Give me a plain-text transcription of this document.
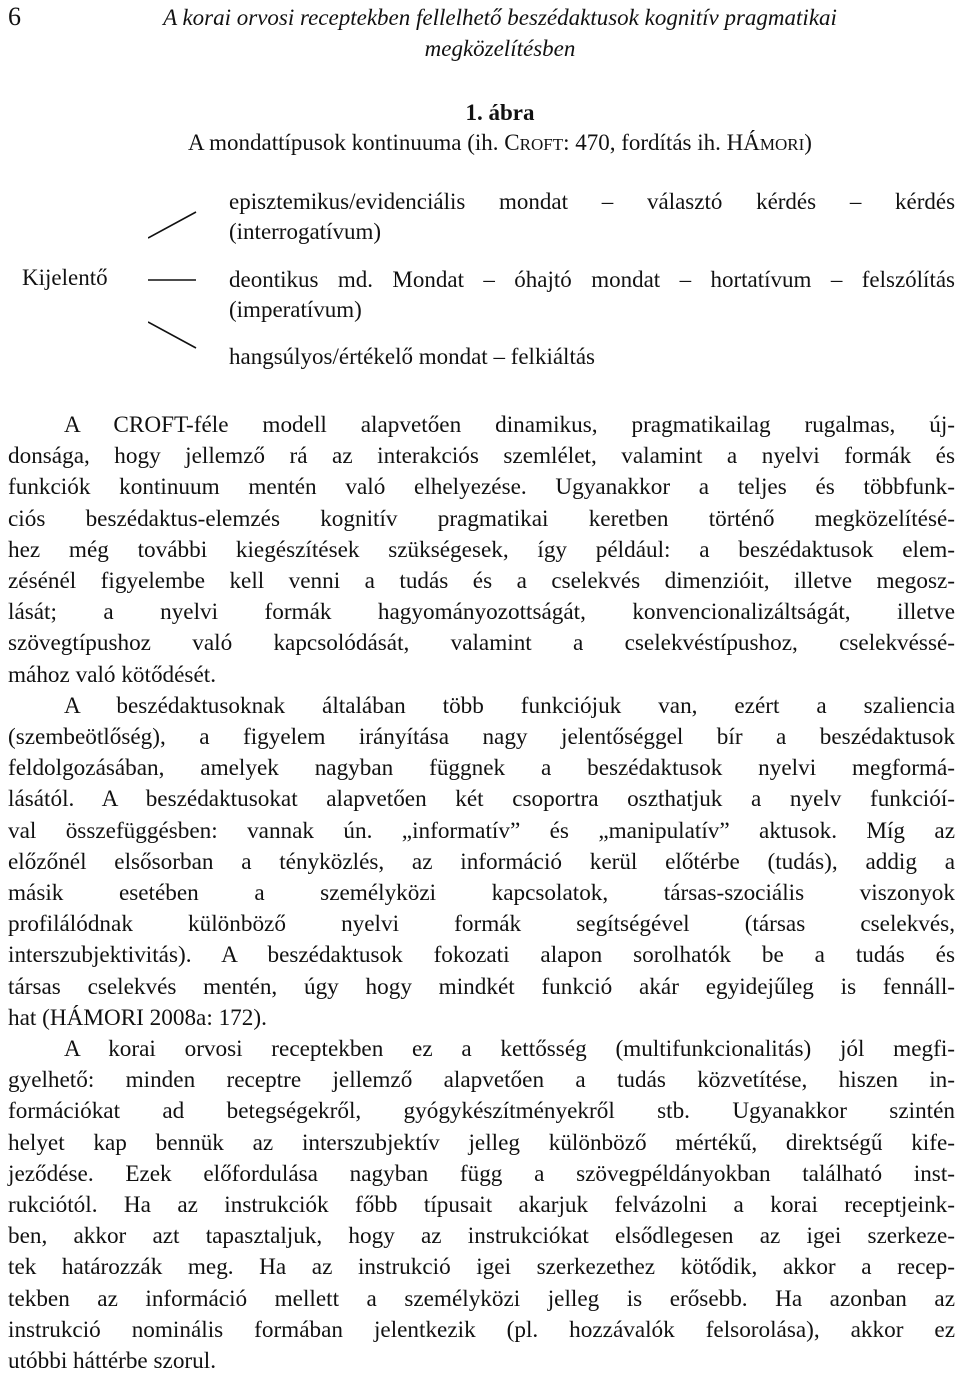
6	A korai orvosi receptekben fellelhető beszédaktusok kognitív pragmatikai
megközelítésben
1. ábra
A mondattípusok kontinuuma (ih. CROFT: 470, fordítás ih. HÁMORI)
Kijelentő
episztemikus/evidenciális mondat – választó kérdés – kérdés
(interrogatívum)
deontikus md. Mondat – óhajtó mondat – hortatívum – felszólítás
(imperatívum)
hangsúlyos/értékelő mondat – felkiáltás

A CROFT-féle modell alapvetően dinamikus, pragmatikailag rugalmas, új-
donsága, hogy jellemző rá az interakciós szemlélet, valamint a nyelvi formák és
funkciók kontinuum mentén való elhelyezése. Ugyanakkor a teljes és többfunk-
ciós beszédaktus-elemzés kognitív pragmatikai keretben történő megközelítésé-
hez még további kiegészítések szükségesek, így például: a beszédaktusok elem-
zésénél figyelembe kell venni a tudás és a cselekvés dimenzióit, illetve megosz-
lását; a nyelvi formák hagyományozottságát, konvencionalizáltságát, illetve
szövegtípushoz való kapcsolódását, valamint a cselekvéstípushoz, cselekvéssé-
mához való kötődését.

A beszédaktusoknak általában több funkciójuk van, ezért a szaliencia
(szembeötlőség), a figyelem irányítása nagy jelentőséggel bír a beszédaktusok
feldolgozásában, amelyek nagyban függnek a beszédaktusok nyelvi megformá-
lásától. A beszédaktusokat alapvetően két csoportra oszthatjuk a nyelv funkcióí-
val összefüggésben: vannak ún. „informatív” és „manipulatív” aktusok. Míg az
előzőnél elsősorban a tényközlés, az információ kerül előtérbe (tudás), addig a
másik esetében a személyközi kapcsolatok, társas-szociális viszonyok
profilálódnak különböző nyelvi formák segítségével (társas cselekvés,
interszubjektivitás). A beszédaktusok fokozati alapon sorolhatók be a tudás és
társas cselekvés mentén, úgy hogy mindkét funkció akár egyidejűleg is fennáll-
hat (HÁMORI 2008a: 172).

A korai orvosi receptekben ez a kettősség (multifunkcionalitás) jól megfi-
gyelhető: minden receptre jellemző alapvetően a tudás közvetítése, hiszen in-
formációkat ad betegségekről, gyógykészítményekről stb. Ugyanakkor szintén
helyet kap bennük az interszubjektív jelleg különböző mértékű, direktségű kife-
jeződése. Ezek előfordulása nagyban függ a szövegpéldányokban található inst-
rukciótól. Ha az instrukciók főbb típusait akarjuk felvázolni a korai receptjeink-
ben, akkor azt tapasztaljuk, hogy az instrukciókat elsődlegesen az igei szerkeze-
tek határozzák meg. Ha az instrukció igei szerkezethez kötődik, akkor a recep-
tekben az információ mellett a személyközi jelleg is erősebb. Ha azonban az
instrukció nominális formában jelentkezik (pl. hozzávalók felsorolása), akkor ez
utóbbi háttérbe szorul.
